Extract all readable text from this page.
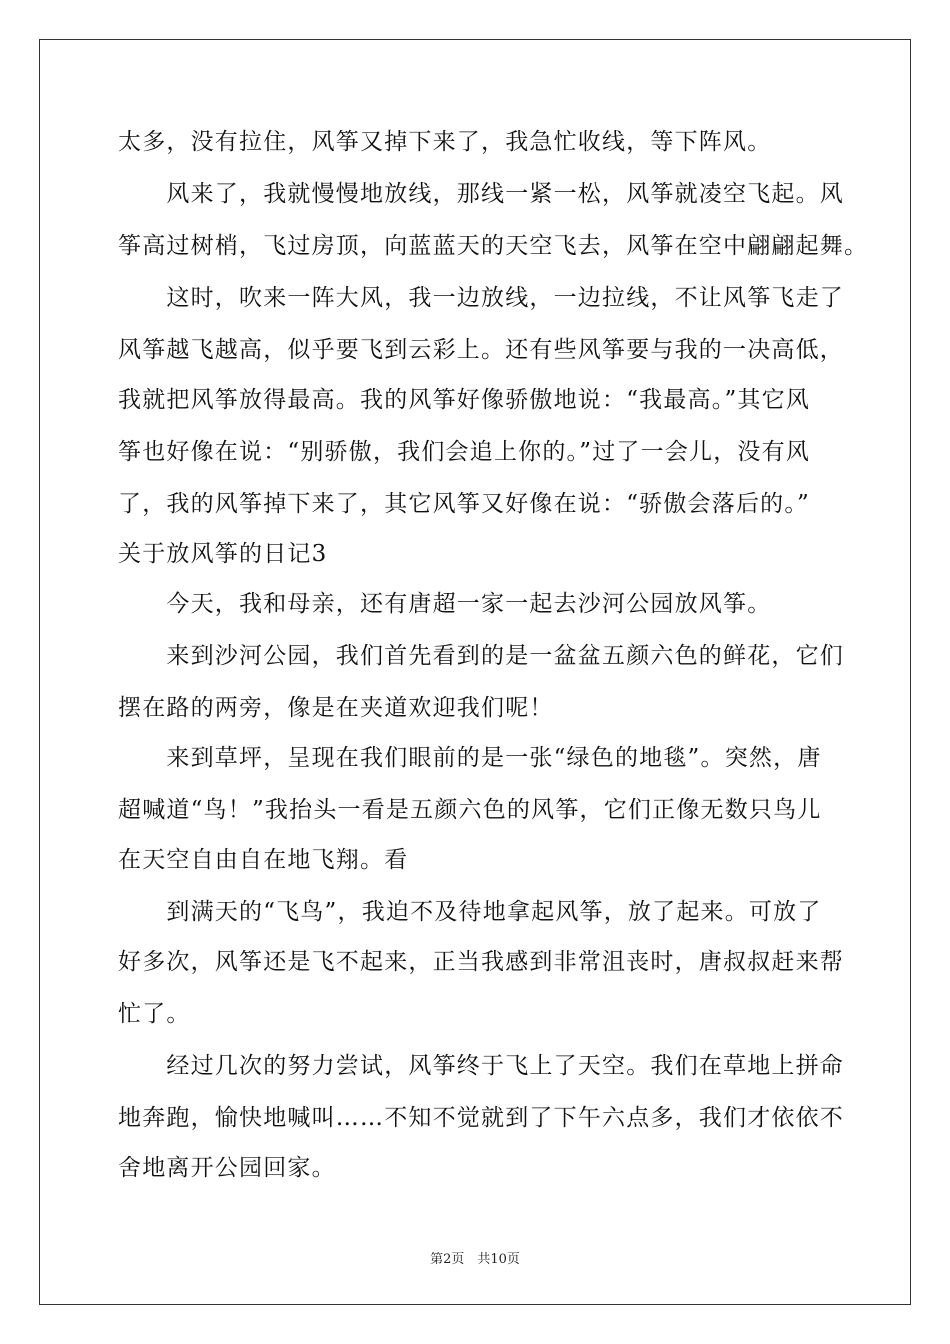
太多，没有拉住，风筝又掉下来了，我急忙收线，等下阵风。
　　风来了，我就慢慢地放线，那线一紧一松，风筝就凌空飞起。风
筝高过树梢，飞过房顶，向蓝蓝天的天空飞去，风筝在空中翩翩起舞。
　　这时，吹来一阵大风，我一边放线，一边拉线，不让风筝飞走了
风筝越飞越高，似乎要飞到云彩上。还有些风筝要与我的一决高低，
我就把风筝放得最高。我的风筝好像骄傲地说：“我最高。”其它风
筝也好像在说：“别骄傲，我们会追上你的。”过了一会儿，没有风
了，我的风筝掉下来了，其它风筝又好像在说：“骄傲会落后的。”
关于放风筝的日记3
　　今天，我和母亲，还有唐超一家一起去沙河公园放风筝。
　　来到沙河公园，我们首先看到的是一盆盆五颜六色的鲜花，它们
摆在路的两旁，像是在夹道欢迎我们呢！
　　来到草坪，呈现在我们眼前的是一张“绿色的地毯”。突然，唐
超喊道“鸟！”我抬头一看是五颜六色的风筝，它们正像无数只鸟儿
在天空自由自在地飞翔。看
　　到满天的“飞鸟”，我迫不及待地拿起风筝，放了起来。可放了
好多次，风筝还是飞不起来，正当我感到非常沮丧时，唐叔叔赶来帮
忙了。
　　经过几次的努力尝试，风筝终于飞上了天空。我们在草地上拼命
地奔跑，愉快地喊叫……不知不觉就到了下午六点多，我们才依依不
舍地离开公园回家。
第2页　共10页
